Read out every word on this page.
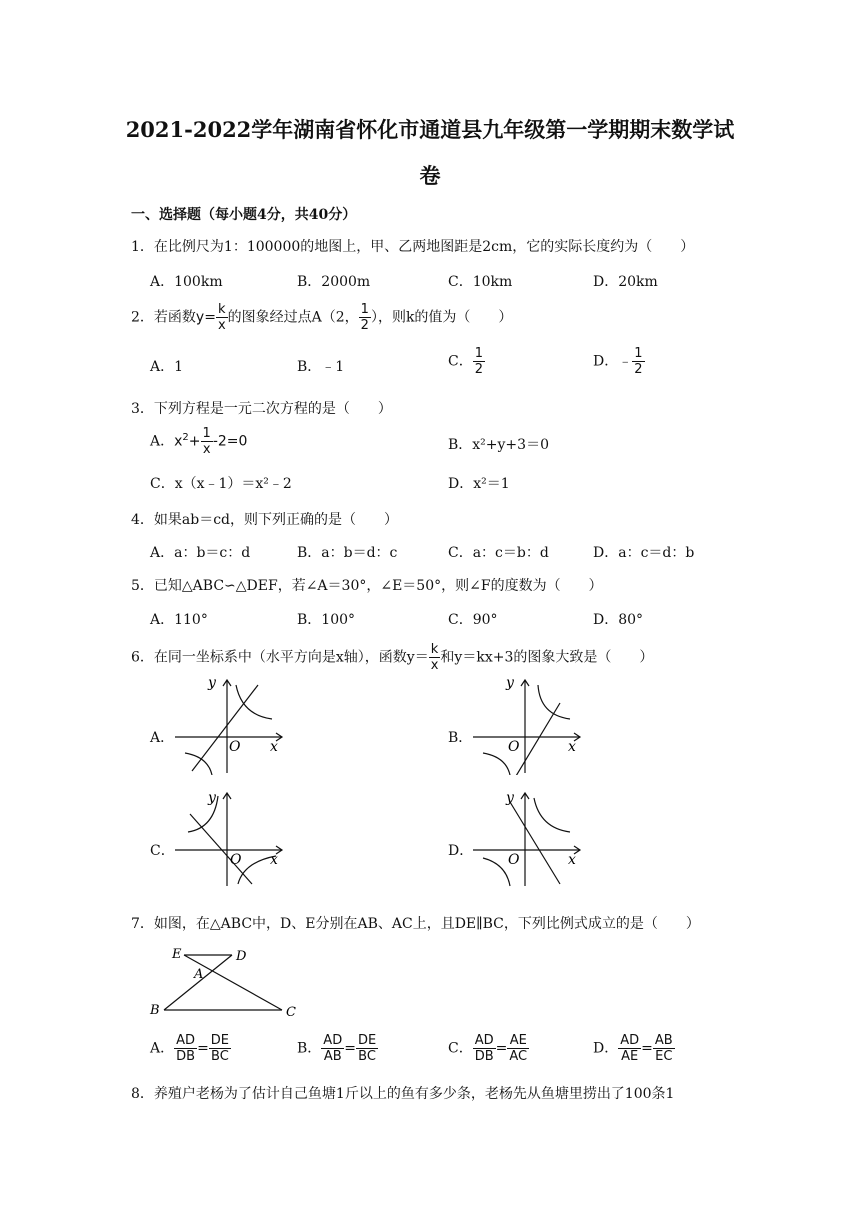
2021-2022学年湖南省怀化市通道县九年级第一学期期末数学试
卷
一、选择题（每小题4分，共40分）
1．在比例尺为1：100000的地图上，甲、乙两地图距是2cm，它的实际长度约为（　　）
A．100km	B．2000m	C．10km	D．20km
2．若函数$y= \frac{k}{x}$ 的图象经过点A（2， $\frac{1}{2}$ ），则k的值为（　　）
A．1	B．﹣1	C． $\frac{1}{2}$	D．﹣ $\frac{1}{2}$
3．下列方程是一元二次方程的是（　　）
A．$x^2+ \frac{1}{x} -2=0$	B．x²+y+3＝0
C．x（x﹣1）＝x²﹣2	D．x²＝1
4．如果ab＝cd，则下列正确的是（　　）
A．a：b＝c：d	B．a：b＝d：c	C．a：c＝b：d	D．a：c＝d：b
5．已知△ABC∽△DEF，若∠A＝30°，∠E＝50°，则∠F的度数为（　　）
A．110°	B．100°	C．90°	D．80°
6．在同一坐标系中（水平方向是x轴），函数$y= \frac{k}{x}$ 和y＝kx+3的图象大致是（　　）
A．	B．
C．	D．
y
x
O
y
x
O
y
x
O
y
x
O
7．如图，在△ABC中，D、E分别在AB、AC上，且DE∥BC，下列比例式成立的是（　　）
E	D
A
B	C
A． $\frac{AD}{DB} = \frac{DE}{BC}$	B． $\frac{AD}{AB} = \frac{DE}{BC}$	C． $\frac{AD}{DB} = \frac{AE}{AC}$	D． $\frac{AD}{AE} = \frac{AB}{EC}$
8．养殖户老杨为了估计自己鱼塘1斤以上的鱼有多少条，老杨先从鱼塘里捞出了100条1
